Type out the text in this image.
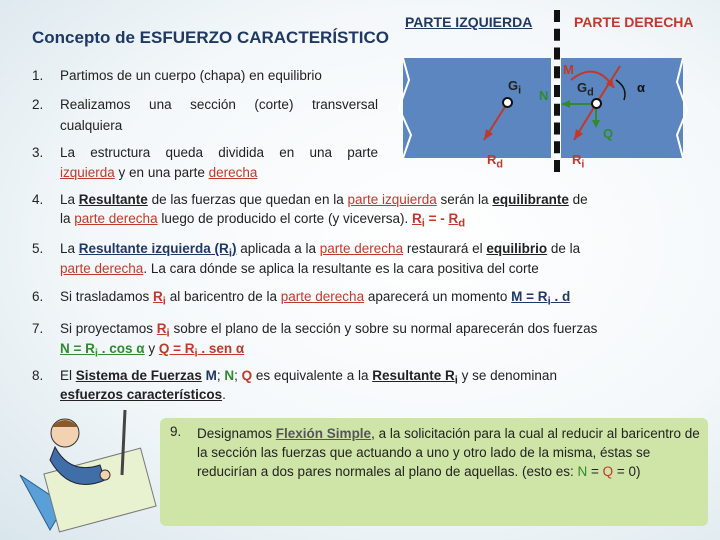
Concepto de ESFUERZO CARACTERÍSTICO
PARTE IZQUIERDA	PARTE DERECHA
$G_i$ N
M
$G_d$	α
Q
$R_d$	$R_i$
1. Partimos de un cuerpo (chapa) en equilibrio
2. Realizamos una sección (corte) transversal
cualquiera
3. La estructura queda dividida en una parte
izquierda y en una parte derecha
4. La Resultante de las fuerzas que quedan en la parte izquierda serán la equilibrante de
la parte derecha luego de producido el corte (y viceversa). $R_i$ = - $R_d$
5. La Resultante izquierda $(R_i)$ aplicada a la parte derecha restaurará el equilibrio de la
parte derecha. La cara dónde se aplica la resultante es la cara positiva del corte
6. Si trasladamos $R_i$ al baricentro de la parte derecha aparecerá un momento $M = R_i$ . d
7. Si proyectamos $R_i$ sobre el plano de la sección y sobre su normal aparecerán dos fuerzas
$N = R_i$ . cos α y $Q = R_i$ . sen α
8. El Sistema de Fuerzas M; N; Q es equivalente a la Resultante $R_i$ y se denominan
esfuerzos característicos.
9. Designamos Flexión Simple, a la solicitación para la cual al reducir al baricentro de la sección las fuerzas que actuando a uno y otro lado de la misma, éstas se reducirían a dos pares normales al plano de aquellas. (esto es: N = Q = 0)
